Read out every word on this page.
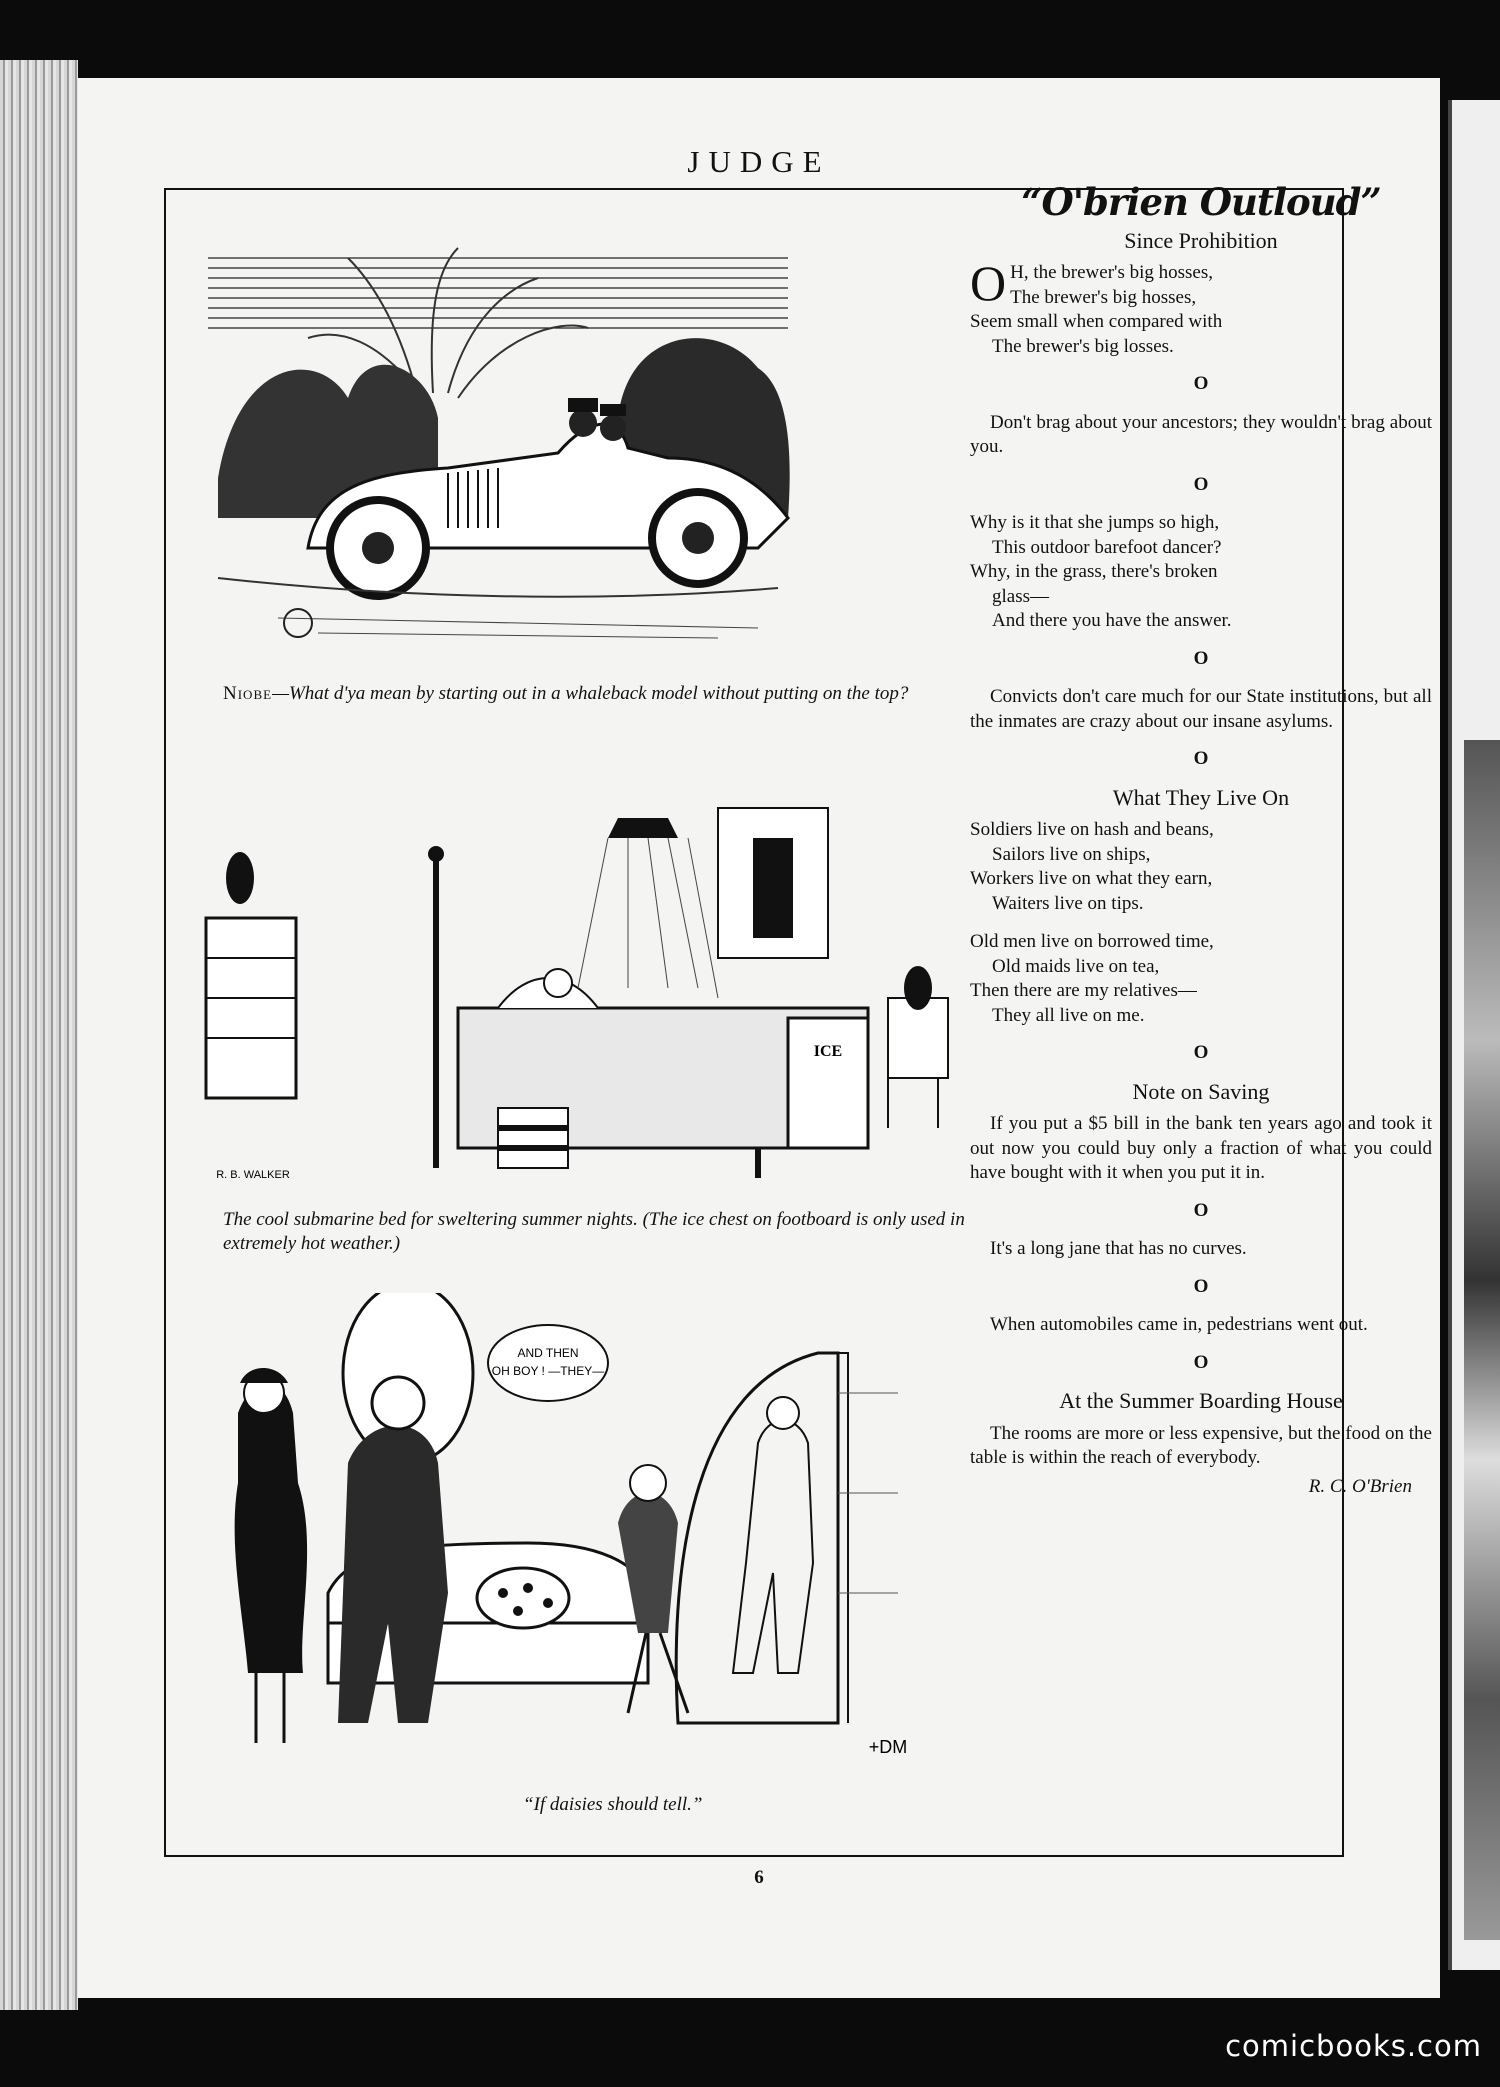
JUDGE
Niobe—What d'ya mean by starting out in a whaleback model without putting on the top?
ICE
R. B. WALKER
The cool submarine bed for sweltering summer nights. (The ice chest on footboard is only used in extremely hot weather.)
AND THEN
OH BOY ! —THEY—
+DM
“If daisies should tell.”
“O'brien Outloud”
Since Prohibition
O H, the brewer's big hosses,
The brewer's big hosses,
Seem small when compared with
The brewer's big losses.
O

Don't brag about your ancestors; they wouldn't brag about you.

O
Why is it that she jumps so high,
This outdoor barefoot dancer?
Why, in the grass, there's broken
glass—
And there you have the answer.
O

Convicts don't care much for our State institutions, but all the inmates are crazy about our insane asylums.

O
What They Live On
Soldiers live on hash and beans,
Sailors live on ships,
Workers live on what they earn,
Waiters live on tips.
Old men live on borrowed time,
Old maids live on tea,
Then there are my relatives—
They all live on me.
O
Note on Saving

If you put a $5 bill in the bank ten years ago and took it out now you could buy only a fraction of what you could have bought with it when you put it in.

O

It's a long jane that has no curves.

O

When automobiles came in, pedestrians went out.

O
At the Summer Boarding House

The rooms are more or less expensive, but the food on the table is within the reach of everybody.

R. C. O'Brien
6
comicbooks.com
